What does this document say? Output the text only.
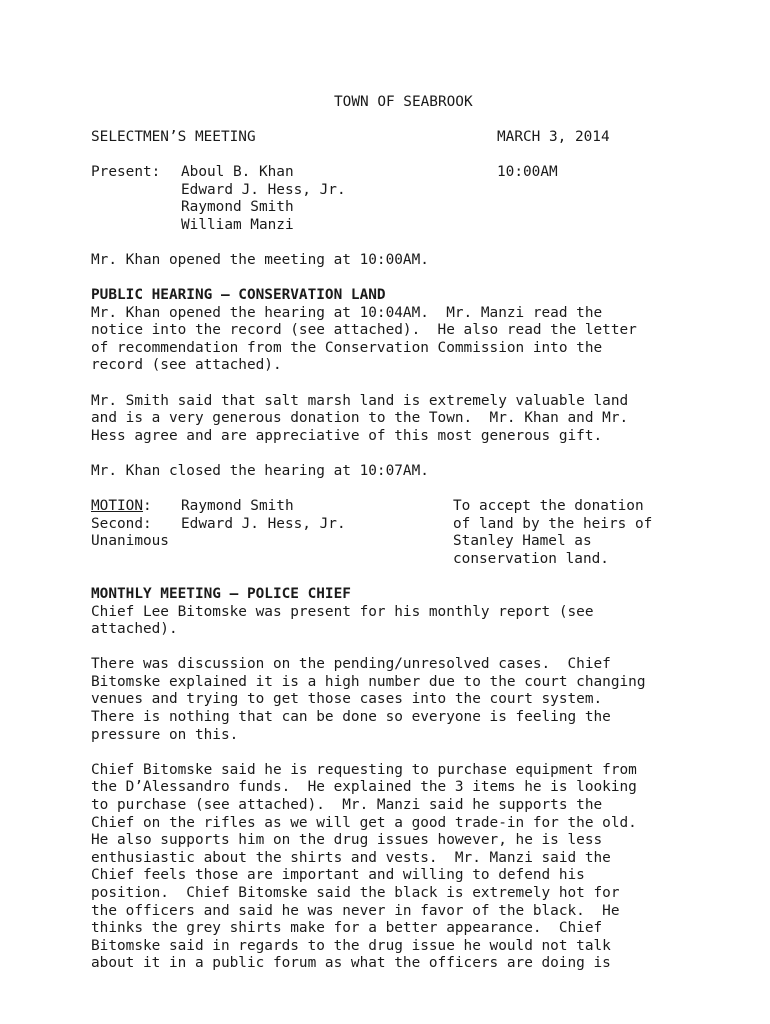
TOWN OF SEABROOK
SELECTMEN’S MEETING	MARCH 3, 2014
Present: Aboul B. Khan	10:00AM
Edward J. Hess, Jr.
Raymond Smith
William Manzi
Mr. Khan opened the meeting at 10:00AM.
PUBLIC HEARING – CONSERVATION LAND
Mr. Khan opened the hearing at 10:04AM.  Mr. Manzi read the
notice into the record (see attached).  He also read the letter
of recommendation from the Conservation Commission into the
record (see attached).
Mr. Smith said that salt marsh land is extremely valuable land
and is a very generous donation to the Town.  Mr. Khan and Mr.
Hess agree and are appreciative of this most generous gift.
Mr. Khan closed the hearing at 10:07AM.
MOTION: Raymond Smith	To accept the donation
Second: Edward J. Hess, Jr.	of land by the heirs of
Unanimous	Stanley Hamel as
conservation land.
MONTHLY MEETING – POLICE CHIEF
Chief Lee Bitomske was present for his monthly report (see
attached).
There was discussion on the pending/unresolved cases.  Chief
Bitomske explained it is a high number due to the court changing
venues and trying to get those cases into the court system.
There is nothing that can be done so everyone is feeling the
pressure on this.
Chief Bitomske said he is requesting to purchase equipment from
the D’Alessandro funds.  He explained the 3 items he is looking
to purchase (see attached).  Mr. Manzi said he supports the
Chief on the rifles as we will get a good trade-in for the old.
He also supports him on the drug issues however, he is less
enthusiastic about the shirts and vests.  Mr. Manzi said the
Chief feels those are important and willing to defend his
position.  Chief Bitomske said the black is extremely hot for
the officers and said he was never in favor of the black.  He
thinks the grey shirts make for a better appearance.  Chief
Bitomske said in regards to the drug issue he would not talk
about it in a public forum as what the officers are doing is
